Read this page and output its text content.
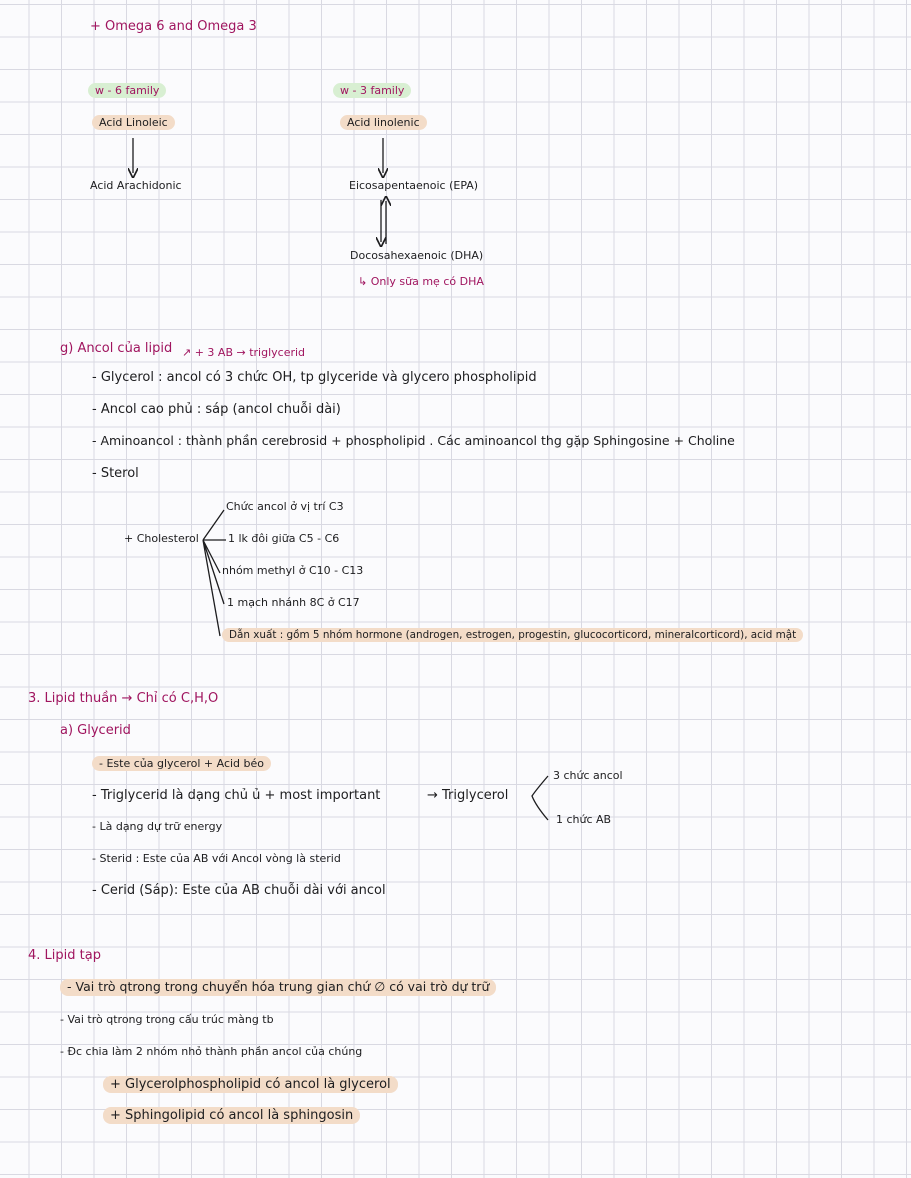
+ Omega 6 and Omega 3
w - 6 family	w - 3 family
Acid Linoleic	Acid linolenic
Acid Arachidonic	Eicosapentaenoic (EPA)
Docosahexaenoic (DHA)
↳ Only sữa mẹ có DHA
g) Ancol của lipid ↗ + 3 AB → triglycerid
- Glycerol : ancol có 3 chức OH, tp glyceride và glycero phospholipid
- Ancol cao phủ : sáp (ancol chuỗi dài)
- Aminoancol : thành phần cerebrosid + phospholipid . Các aminoancol thg gặp Sphingosine + Choline
- Sterol
+ Cholesterol
Chức ancol ở vị trí C3
1 lk đôi giữa C5 - C6
nhóm methyl ở C10 - C13
1 mạch nhánh 8C ở C17
Dẫn xuất : gồm 5 nhóm hormone (androgen, estrogen, progestin, glucocorticord, mineralcorticord), acid mật
3. Lipid thuần → Chỉ có C,H,O
a) Glycerid
- Este của glycerol + Acid béo
- Triglycerid là dạng chủ ủ + most important
- Là dạng dự trữ energy
- Sterid : Este của AB với Ancol vòng là sterid
- Cerid (Sáp): Este của AB chuỗi dài với ancol
→ Triglycerol
3 chức ancol
1 chức AB
4. Lipid tạp
- Vai trò qtrong trong chuyển hóa trung gian chứ ∅ có vai trò dự trữ
- Vai trò qtrong trong cấu trúc màng tb
- Đc chia làm 2 nhóm nhỏ thành phần ancol của chúng
+ Glycerolphospholipid có ancol là glycerol
+ Sphingolipid có ancol là sphingosin
